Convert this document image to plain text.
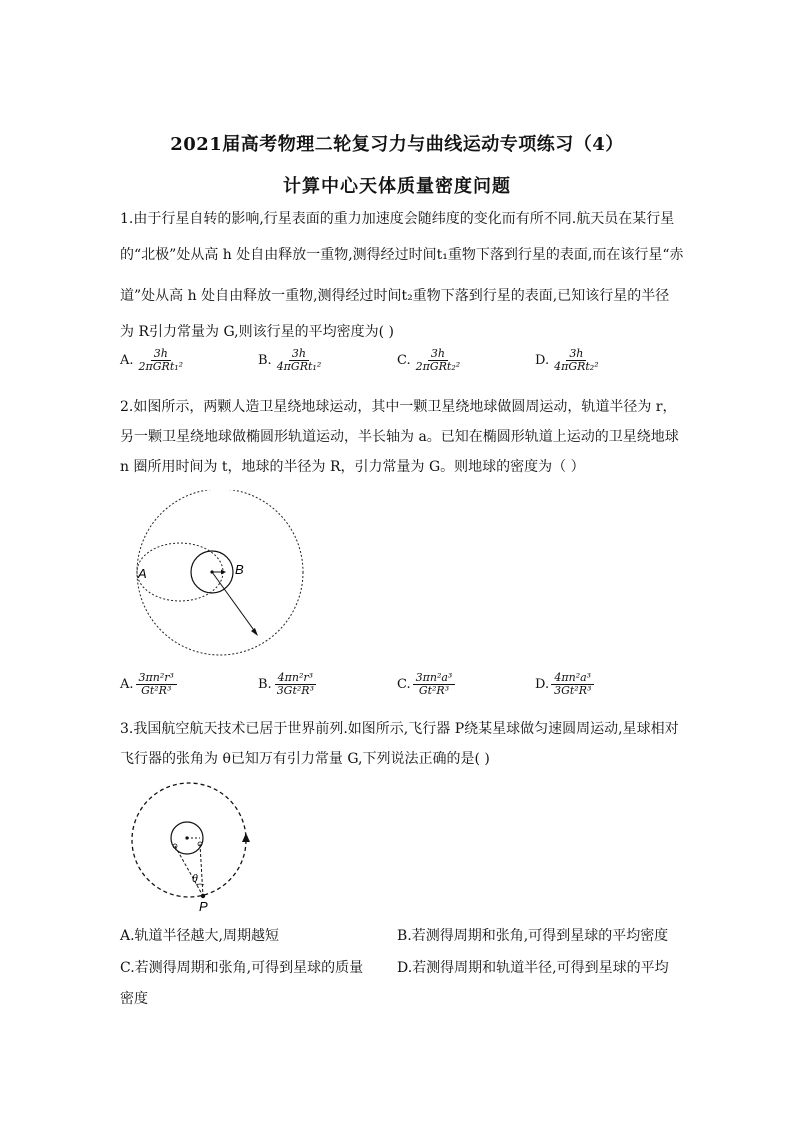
2021届高考物理二轮复习力与曲线运动专项练习（4）
计算中心天体质量密度问题
1.由于行星自转的影响,行星表面的重力加速度会随纬度的变化而有所不同.航天员在某行星
的“北极”处从高 h 处自由释放一重物,测得经过时间t₁重物下落到行星的表面,而在该行星“赤
道”处从高 h 处自由释放一重物,测得经过时间t₂重物下落到行星的表面,已知该行星的半径
为 R引力常量为 G,则该行星的平均密度为( )
A. $\frac{3h}{\text{2πGRt₁²}}$	B. $\frac{3h}{\text{4πGRt₁²}}$	C. $\frac{3h}{\text{2πGRt₂²}}$	D. $\frac{3h}{\text{4πGRt₂²}}$
2.如图所示，两颗人造卫星绕地球运动，其中一颗卫星绕地球做圆周运动，轨道半径为 r，
另一颗卫星绕地球做椭圆形轨道运动，半长轴为 a。已知在椭圆形轨道上运动的卫星绕地球
n 圈所用时间为 t，地球的半径为 R，引力常量为 G。则地球的密度为（ ）
A	B
A. $\frac{\text{3πn²r³}}{\text{Gt²R³}}$	B. $\frac{\text{4πn²r³}}{\text{3Gt²R³}}$	C. $\frac{\text{3πn²a³}}{\text{Gt²R³}}$	D. $\frac{\text{4πn²a³}}{\text{3Gt²R³}}$
3.我国航空航天技术已居于世界前列.如图所示,飞行器 P绕某星球做匀速圆周运动,星球相对
飞行器的张角为 θ已知万有引力常量 G,下列说法正确的是( )
θ
P
A.轨道半径越大,周期越短	B.若测得周期和张角,可得到星球的平均密度
C.若测得周期和张角,可得到星球的质量 D.若测得周期和轨道半径,可得到星球的平均
密度
